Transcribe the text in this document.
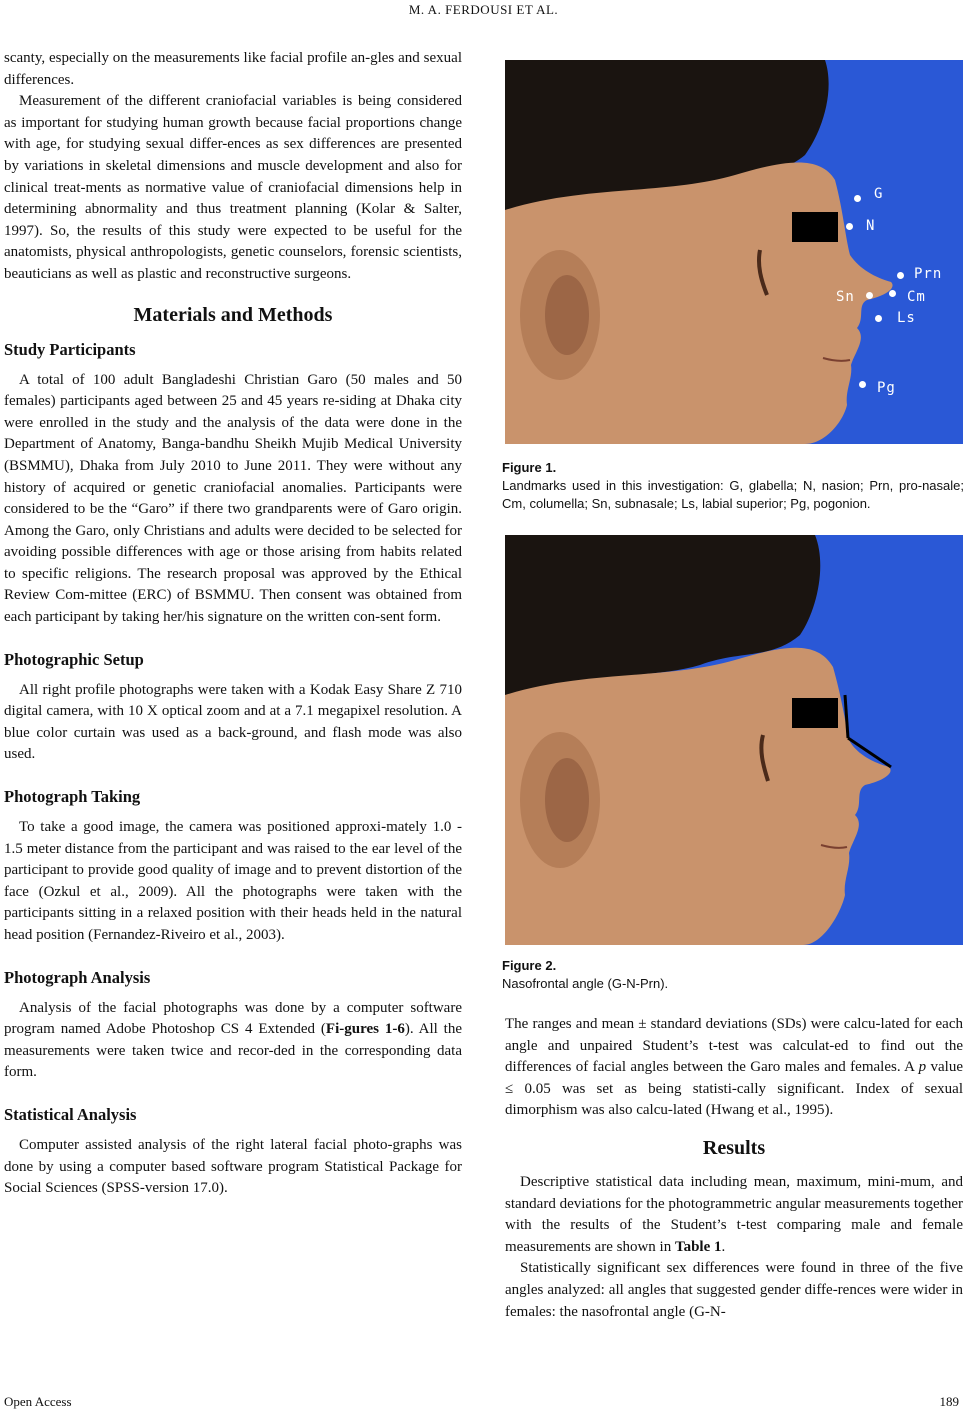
M. A. FERDOUSI ET AL.

scanty, especially on the measurements like facial profile an-gles and sexual differences.

Measurement of the different craniofacial variables is being considered as important for studying human growth because facial proportions change with age, for studying sexual differ-ences as sex differences are presented by variations in skeletal dimensions and muscle development and also for clinical treat-ments as normative value of craniofacial dimensions help in determining abnormality and thus treatment planning (Kolar & Salter, 1997). So, the results of this study were expected to be useful for the anatomists, physical anthropologists, genetic counselors, forensic scientists, beauticians as well as plastic and reconstructive surgeons.

Materials and Methods
Study Participants

A total of 100 adult Bangladeshi Christian Garo (50 males and 50 females) participants aged between 25 and 45 years re-siding at Dhaka city were enrolled in the study and the analysis of the data were done in the Department of Anatomy, Banga-bandhu Sheikh Mujib Medical University (BSMMU), Dhaka from July 2010 to June 2011. They were without any history of acquired or genetic craniofacial anomalies. Participants were considered to be the “Garo” if there two grandparents were of Garo origin. Among the Garo, only Christians and adults were decided to be selected for avoiding possible differences with age or those arising from habits related to specific religions. The research proposal was approved by the Ethical Review Com-mittee (ERC) of BSMMU. Then consent was obtained from each participant by taking her/his signature on the written con-sent form.

Photographic Setup

All right profile photographs were taken with a Kodak Easy Share Z 710 digital camera, with 10 X optical zoom and at a 7.1 megapixel resolution. A blue color curtain was used as a back-ground, and flash mode was also used.

Photograph Taking

To take a good image, the camera was positioned approxi-mately 1.0 - 1.5 meter distance from the participant and was raised to the ear level of the participant to provide good quality of image and to prevent distortion of the face (Ozkul et al., 2009). All the photographs were taken with the participants sitting in a relaxed position with their heads held in the natural head position (Fernandez-Riveiro et al., 2003).

Photograph Analysis

Analysis of the facial photographs was done by a computer software program named Adobe Photoshop CS 4 Extended (Fi-gures 1-6). All the measurements were taken twice and recor-ded in the corresponding data form.

Statistical Analysis

Computer assisted analysis of the right lateral facial photo-graphs was done by using a computer based software program Statistical Package for Social Sciences (SPSS-version 17.0).

G
N
Prn
Sn	Cm
Ls
Pg
Figure 1.
Landmarks used in this investigation: G, glabella; N, nasion; Prn, pro-nasale; Cm, columella; Sn, subnasale; Ls, labial superior; Pg, pogonion.
Figure 2.
Nasofrontal angle (G-N-Prn).

The ranges and mean ± standard deviations (SDs) were calcu-lated for each angle and unpaired Student’s t-test was calculat-ed to find out the differences of facial angles between the Garo males and females. A p value ≤ 0.05 was set as being statisti-cally significant. Index of sexual dimorphism was also calcu-lated (Hwang et al., 1995).

Results

Descriptive statistical data including mean, maximum, mini-mum, and standard deviations for the photogrammetric angular measurements together with the results of the Student’s t-test comparing male and female measurements are shown in Table 1.

Statistically significant sex differences were found in three of the five angles analyzed: all angles that suggested gender diffe-rences were wider in females: the nasofrontal angle (G-N-

Open Access	189
